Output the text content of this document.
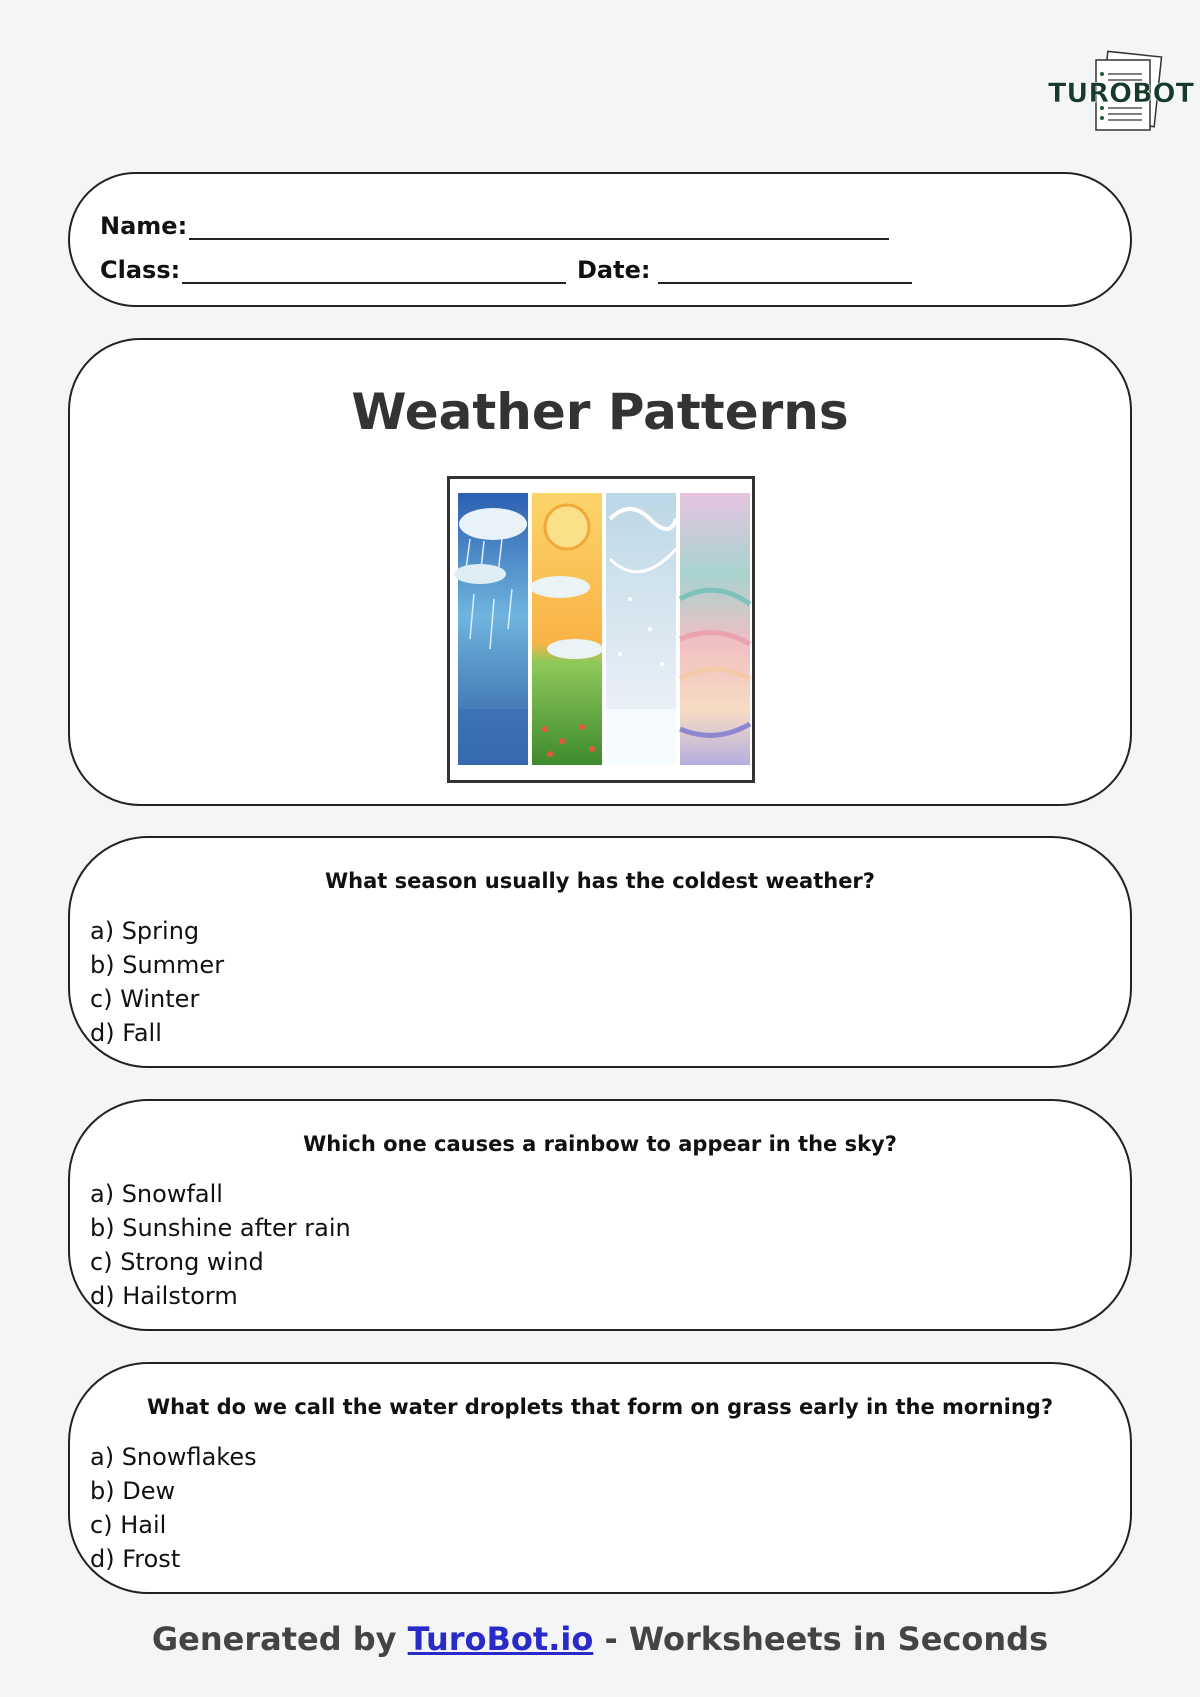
TUROBOT
Name:
Class:	Date:
Weather Patterns
What season usually has the coldest weather?
a) Spring
b) Summer
c) Winter
d) Fall
Which one causes a rainbow to appear in the sky?
a) Snowfall
b) Sunshine after rain
c) Strong wind
d) Hailstorm
What do we call the water droplets that form on grass early in the morning?
a) Snowflakes
b) Dew
c) Hail
d) Frost
Generated by TuroBot.io - Worksheets in Seconds
